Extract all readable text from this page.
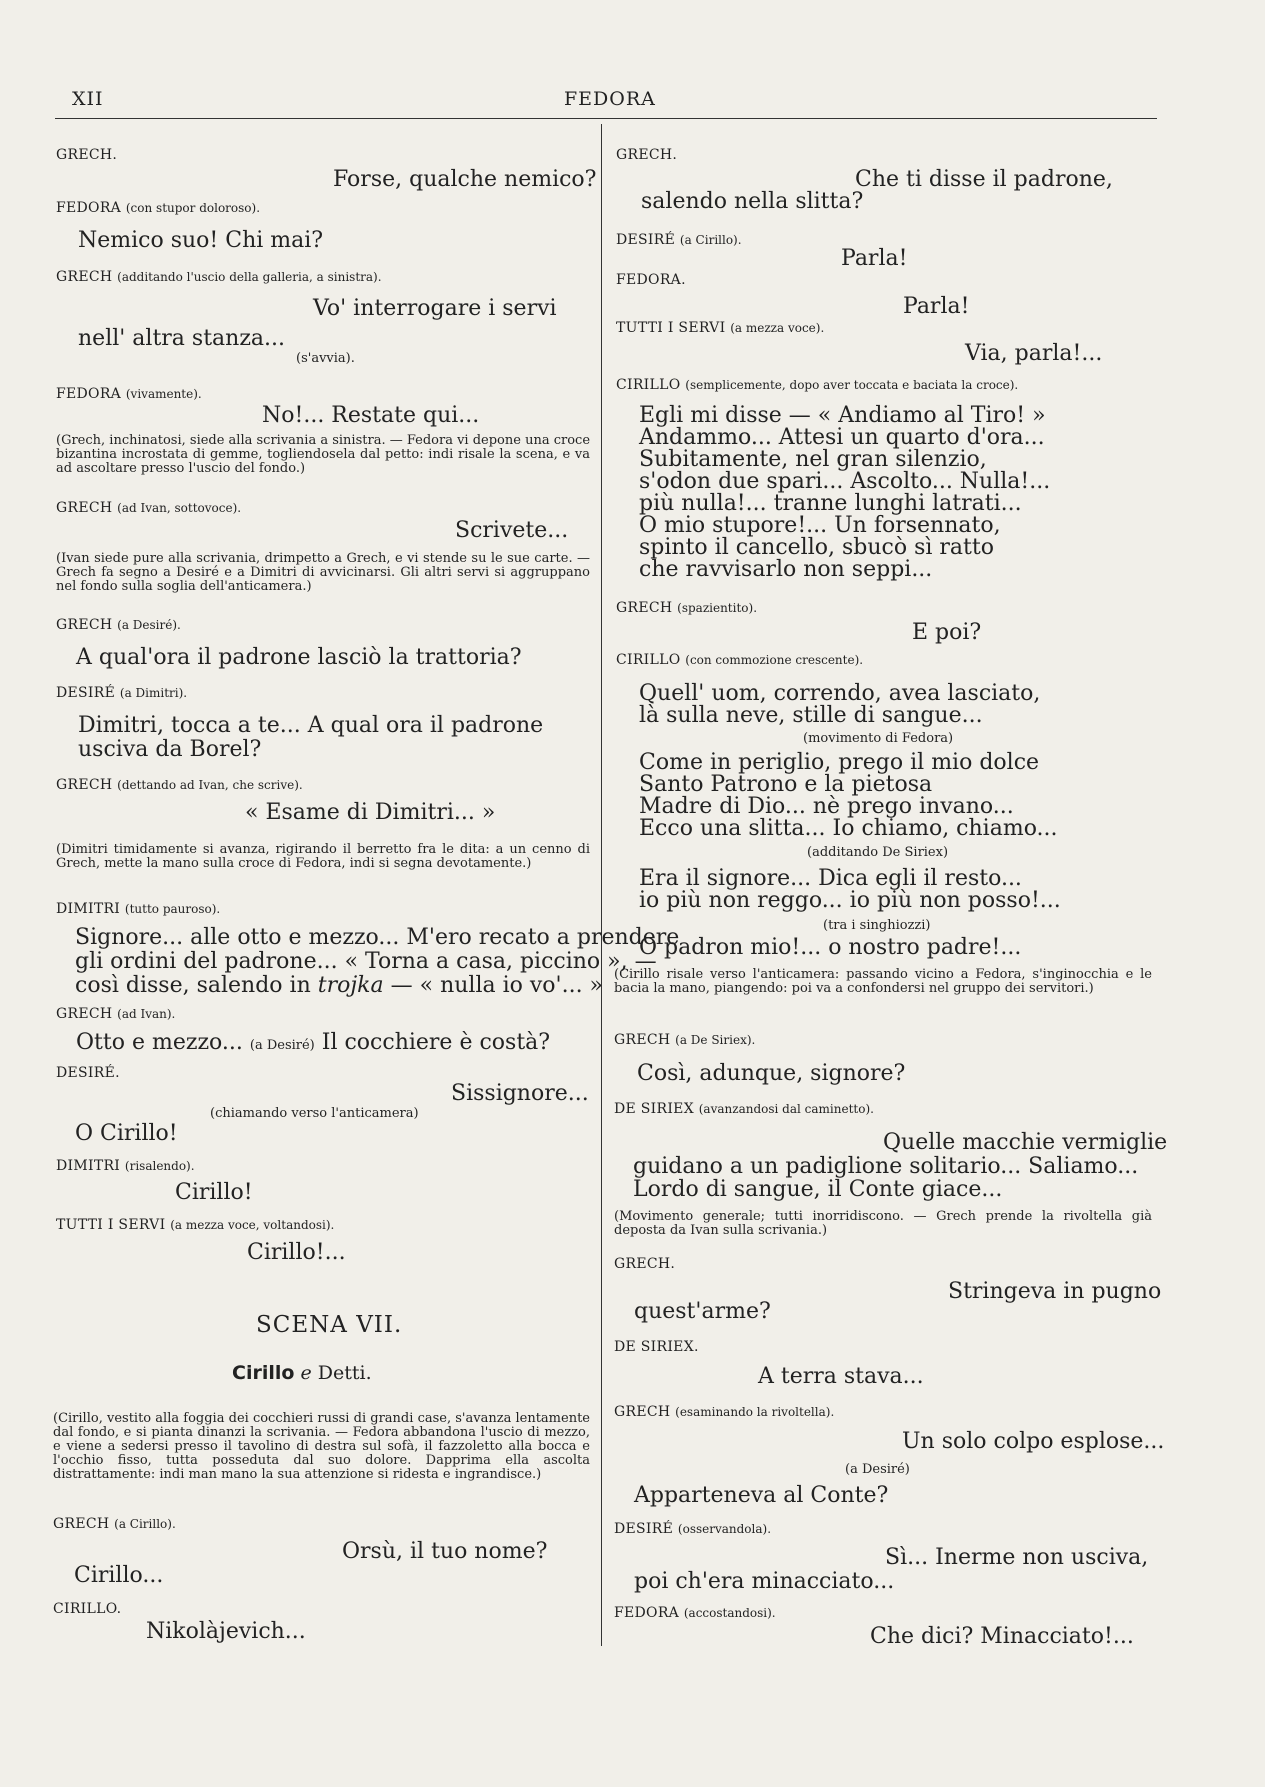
XII	FEDORA
GRECH.
Forse, qualche nemico?
FEDORA (con stupor doloroso).
Nemico suo! Chi mai?
GRECH (additando l'uscio della galleria, a sinistra).
Vo' interrogare i servi
nell' altra stanza...
(s'avvia).
FEDORA (vivamente).
No!... Restate qui...
(Grech, inchinatosi, siede alla scrivania a sinistra. — Fedora vi depone una croce bizantina incrostata di gemme, togliendosela dal petto: indi risale la scena, e va ad ascoltare presso l'uscio del fondo.)
GRECH (ad Ivan, sottovoce).
Scrivete...
(Ivan siede pure alla scrivania, drimpetto a Grech, e vi stende su le sue carte. — Grech fa segno a Desiré e a Dimitri di avvicinarsi. Gli altri servi si aggruppano nel fondo sulla soglia dell'anticamera.)
GRECH (a Desiré).
A qual'ora il padrone lasciò la trattoria?
DESIRÉ (a Dimitri).
Dimitri, tocca a te... A qual ora il padrone
usciva da Borel?
GRECH (dettando ad Ivan, che scrive).
« Esame di Dimitri... »
(Dimitri timidamente si avanza, rigirando il berretto fra le dita: a un cenno di Grech, mette la mano sulla croce di Fedora, indi si segna devotamente.)
DIMITRI (tutto pauroso).
Signore... alle otto e mezzo... M'ero recato a prendere
gli ordini del padrone... « Torna a casa, piccino », —
così disse, salendo in trojka — « nulla io vo'... »
GRECH (ad Ivan).
Otto e mezzo... (a Desiré) Il cocchiere è costà?
DESIRÉ.
Sissignore...
(chiamando verso l'anticamera)
O Cirillo!
DIMITRI (risalendo).
Cirillo!
TUTTI I SERVI (a mezza voce, voltandosi).
Cirillo!...
SCENA VII.
Cirillo e Detti.
(Cirillo, vestito alla foggia dei cocchieri russi di grandi case, s'avanza lentamente dal fondo, e si pianta dinanzi la scrivania. — Fedora abbandona l'uscio di mezzo, e viene a sedersi presso il tavolino di destra sul sofà, il fazzoletto alla bocca e l'occhio fisso, tutta posseduta dal suo dolore. Dapprima ella ascolta distrattamente: indi man mano la sua attenzione si ridesta e ingrandisce.)
GRECH (a Cirillo).
Orsù, il tuo nome?
Cirillo...
CIRILLO.
Nikolàjevich...
GRECH.
Che ti disse il padrone,
salendo nella slitta?
DESIRÉ (a Cirillo).
Parla!
FEDORA.
Parla!
TUTTI I SERVI (a mezza voce).
Via, parla!...
CIRILLO (semplicemente, dopo aver toccata e baciata la croce).
Egli mi disse — « Andiamo al Tiro! »
Andammo... Attesi un quarto d'ora...
Subitamente, nel gran silenzio,
s'odon due spari... Ascolto... Nulla!...
più nulla!... tranne lunghi latrati...
O mio stupore!... Un forsennato,
spinto il cancello, sbucò sì ratto
che ravvisarlo non seppi...
GRECH (spazientito).
E poi?
CIRILLO (con commozione crescente).
Quell' uom, correndo, avea lasciato,
là sulla neve, stille di sangue...
(movimento di Fedora)
Come in periglio, prego il mio dolce
Santo Patrono e la pietosa
Madre di Dio... nè prego invano...
Ecco una slitta... Io chiamo, chiamo...
(additando De Siriex)
Era il signore... Dica egli il resto...
io più non reggo... io più non posso!...
(tra i singhiozzi)
O padron mio!... o nostro padre!...
(Cirillo risale verso l'anticamera: passando vicino a Fedora, s'inginocchia e le bacia la mano, piangendo: poi va a confondersi nel gruppo dei servitori.)
GRECH (a De Siriex).
Così, adunque, signore?
DE SIRIEX (avanzandosi dal caminetto).
Quelle macchie vermiglie
guidano a un padiglione solitario... Saliamo...
Lordo di sangue, il Conte giace...
(Movimento generale; tutti inorridiscono. — Grech prende la rivoltella già deposta da Ivan sulla scrivania.)
GRECH.
Stringeva in pugno
quest'arme?
DE SIRIEX.
A terra stava...
GRECH (esaminando la rivoltella).
Un solo colpo esplose...
(a Desiré)
Apparteneva al Conte?
DESIRÉ (osservandola).
Sì... Inerme non usciva,
poi ch'era minacciato...
FEDORA (accostandosi).
Che dici? Minacciato!...
